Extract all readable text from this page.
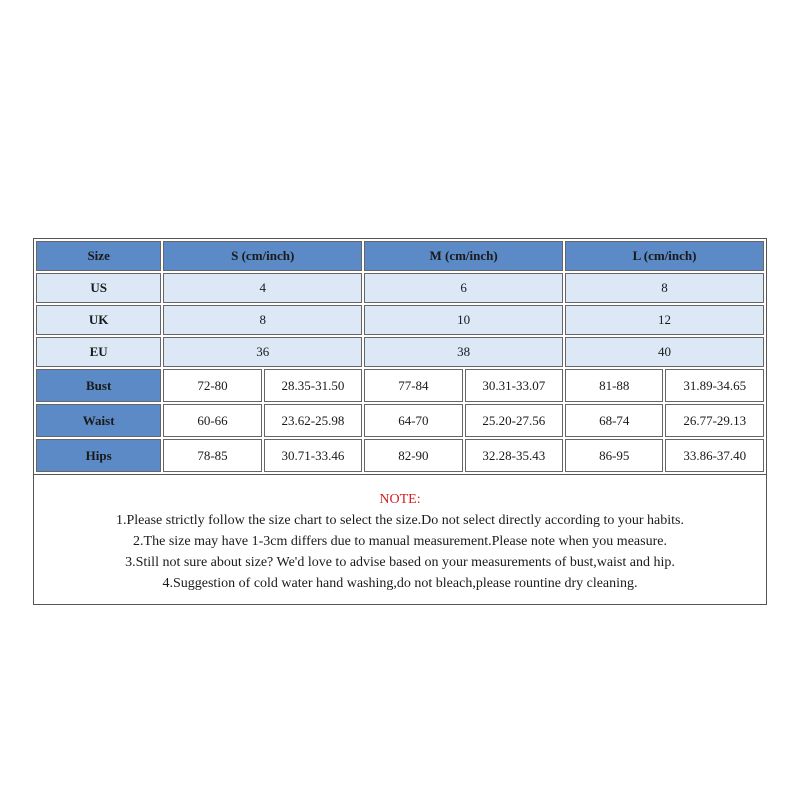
Size	S (cm/inch)		M (cm/inch)		L (cm/inch)	
US	4		6		8	
UK	8		10		12	
EU	36		38		40	
Bust	72-80	28.35-31.50	77-84	30.31-33.07	81-88	31.89-34.65
Waist	60-66	23.62-25.98	64-70	25.20-27.56	68-74	26.77-29.13
Hips	78-85	30.71-33.46	82-90	32.28-35.43	86-95	33.86-37.40
NOTE:
1.Please strictly follow the size chart to select the size.Do not select directly according to your habits.
2.The size may have 1-3cm differs due to manual measurement.Please note when you measure.
3.Still not sure about size? We'd love to advise based on your measurements of bust,waist and hip.
4.Suggestion of cold water hand washing,do not bleach,please rountine dry cleaning.
